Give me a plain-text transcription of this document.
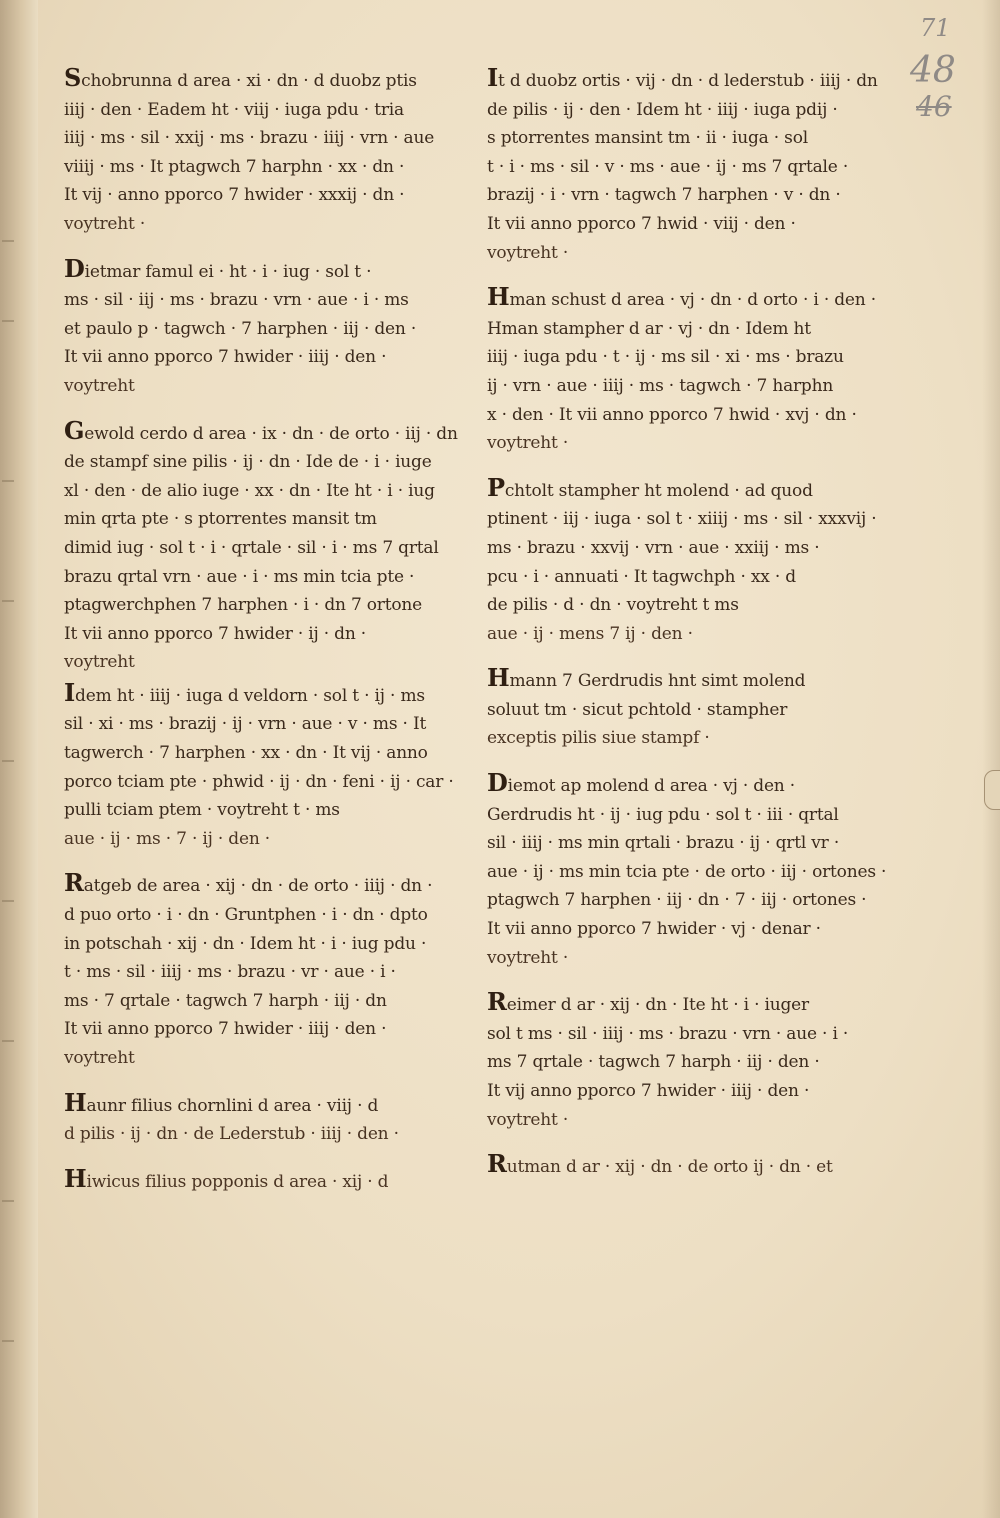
71
48
46
Schobrunna d area · xi · dn · d duobz ptis
iiij · den · Eadem ht · viij · iuga pdu · tria
iiij · ms · sil · xxij · ms · brazu · iiij · vrn · aue
viiij · ms · It ptagwch 7 harphn · xx · dn ·
It vij · anno pporco 7 hwider · xxxij · dn ·
voytreht ·
Dietmar famul ei · ht · i · iug · sol t ·
ms · sil · iij · ms · brazu · vrn · aue · i · ms
et paulo p · tagwch · 7 harphen · iij · den ·
It vii anno pporco 7 hwider · iiij · den ·
voytreht
Gewold cerdo d area · ix · dn · de orto · iij · dn
de stampf sine pilis · ij · dn · Ide de · i · iuge
xl · den · de alio iuge · xx · dn · Ite ht · i · iug
min qrta pte · s ptorrentes mansit tm
dimid iug · sol t · i · qrtale · sil · i · ms 7 qrtal
brazu qrtal vrn · aue · i · ms min tcia pte ·
ptagwerchphen 7 harphen · i · dn 7 ortone
It vii anno pporco 7 hwider · ij · dn ·
voytreht
Idem ht · iiij · iuga d veldorn · sol t · ij · ms
sil · xi · ms · brazij · ij · vrn · aue · v · ms · It
tagwerch · 7 harphen · xx · dn · It vij · anno
porco tciam pte · phwid · ij · dn · feni · ij · car ·
pulli tciam ptem · voytreht t · ms
aue · ij · ms · 7 · ij · den ·
Ratgeb de area · xij · dn · de orto · iiij · dn ·
d puo orto · i · dn · Gruntphen · i · dn · dpto
in potschah · xij · dn · Idem ht · i · iug pdu ·
t · ms · sil · iiij · ms · brazu · vr · aue · i ·
ms · 7 qrtale · tagwch 7 harph · iij · dn
It vii anno pporco 7 hwider · iiij · den ·
voytreht
Haunr filius chornlini d area · viij · d
d pilis · ij · dn · de Lederstub · iiij · den ·
Hiwicus filius popponis d area · xij · d
It d duobz ortis · vij · dn · d lederstub · iiij · dn
de pilis · ij · den · Idem ht · iiij · iuga pdij ·
s ptorrentes mansint tm · ii · iuga · sol
t · i · ms · sil · v · ms · aue · ij · ms 7 qrtale ·
brazij · i · vrn · tagwch 7 harphen · v · dn ·
It vii anno pporco 7 hwid · viij · den ·
voytreht ·
Hman schust d area · vj · dn · d orto · i · den ·
Hman stampher d ar · vj · dn · Idem ht
iiij · iuga pdu · t · ij · ms sil · xi · ms · brazu
ij · vrn · aue · iiij · ms · tagwch · 7 harphn
x · den · It vii anno pporco 7 hwid · xvj · dn ·
voytreht ·
Pchtolt stampher ht molend · ad quod
ptinent · iij · iuga · sol t · xiiij · ms · sil · xxxvij ·
ms · brazu · xxvij · vrn · aue · xxiij · ms ·
pcu · i · annuati · It tagwchph · xx · d
de pilis · d · dn · voytreht t ms
aue · ij · mens 7 ij · den ·
Hmann 7 Gerdrudis hnt simt molend
soluut tm · sicut pchtold · stampher
exceptis pilis siue stampf ·
Diemot ap molend d area · vj · den ·
Gerdrudis ht · ij · iug pdu · sol t · iii · qrtal
sil · iiij · ms min qrtali · brazu · ij · qrtl vr ·
aue · ij · ms min tcia pte · de orto · iij · ortones ·
ptagwch 7 harphen · iij · dn · 7 · iij · ortones ·
It vii anno pporco 7 hwider · vj · denar ·
voytreht ·
Reimer d ar · xij · dn · Ite ht · i · iuger
sol t ms · sil · iiij · ms · brazu · vrn · aue · i ·
ms 7 qrtale · tagwch 7 harph · iij · den ·
It vij anno pporco 7 hwider · iiij · den ·
voytreht ·
Rutman d ar · xij · dn · de orto ij · dn · et
